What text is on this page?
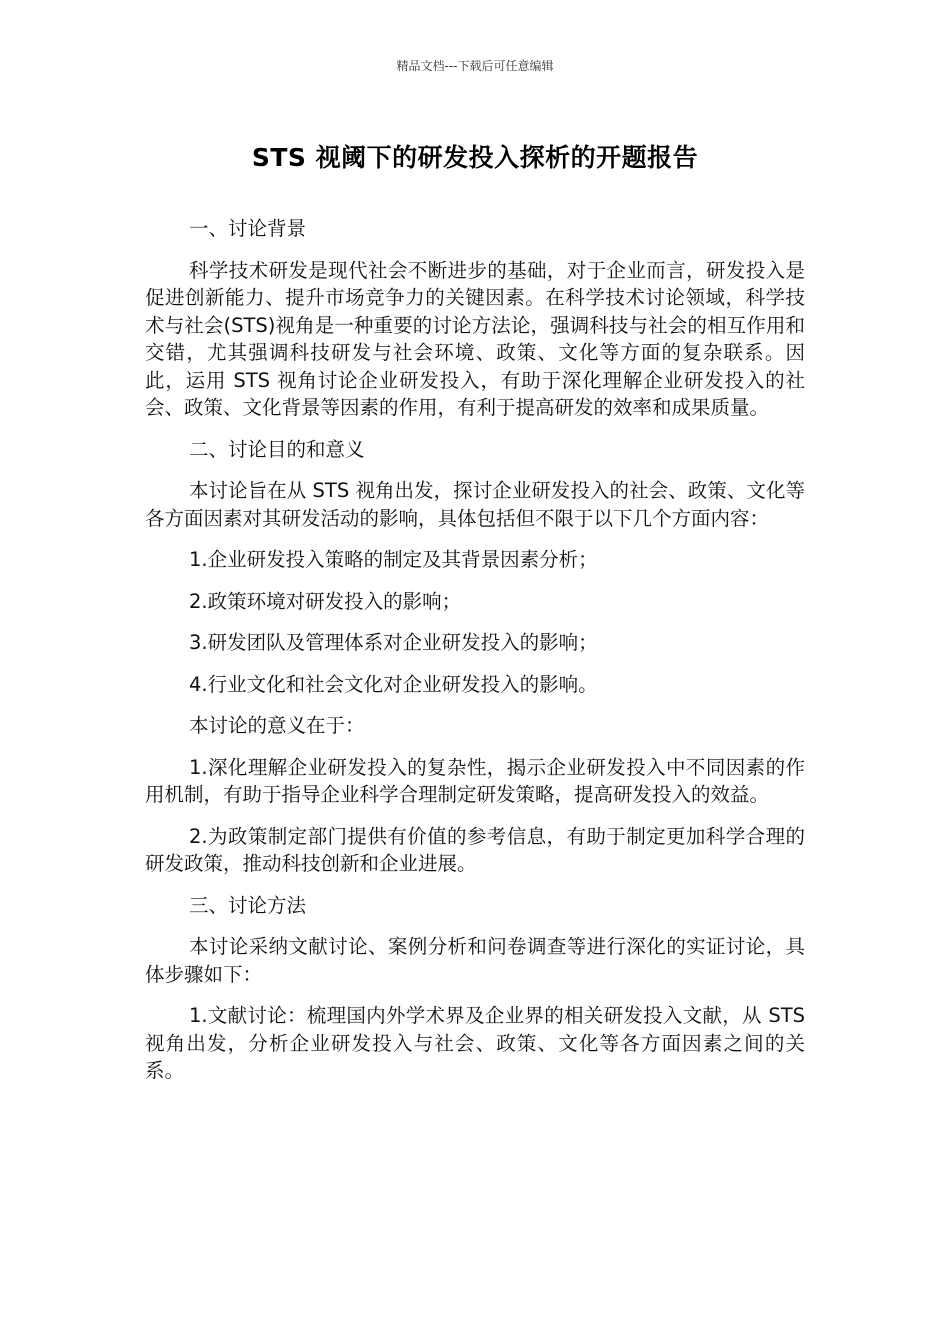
精品文档---下载后可任意编辑
STS 视阈下的研发投入探析的开题报告

一、讨论背景

科学技术研发是现代社会不断进步的基础，对于企业而言，研发投入是促进创新能力、提升市场竞争力的关键因素。在科学技术讨论领域，科学技术与社会(STS)视角是一种重要的讨论方法论，强调科技与社会的相互作用和交错，尤其强调科技研发与社会环境、政策、文化等方面的复杂联系。因此，运用 STS 视角讨论企业研发投入，有助于深化理解企业研发投入的社会、政策、文化背景等因素的作用，有利于提高研发的效率和成果质量。

二、讨论目的和意义

本讨论旨在从 STS 视角出发，探讨企业研发投入的社会、政策、文化等各方面因素对其研发活动的影响，具体包括但不限于以下几个方面内容：

1.企业研发投入策略的制定及其背景因素分析；

2.政策环境对研发投入的影响；

3.研发团队及管理体系对企业研发投入的影响；

4.行业文化和社会文化对企业研发投入的影响。

本讨论的意义在于：

1.深化理解企业研发投入的复杂性，揭示企业研发投入中不同因素的作用机制，有助于指导企业科学合理制定研发策略，提高研发投入的效益。

2.为政策制定部门提供有价值的参考信息，有助于制定更加科学合理的研发政策，推动科技创新和企业进展。

三、讨论方法

本讨论采纳文献讨论、案例分析和问卷调查等进行深化的实证讨论，具体步骤如下：

1.文献讨论：梳理国内外学术界及企业界的相关研发投入文献，从 STS 视角出发，分析企业研发投入与社会、政策、文化等各方面因素之间的关系。
